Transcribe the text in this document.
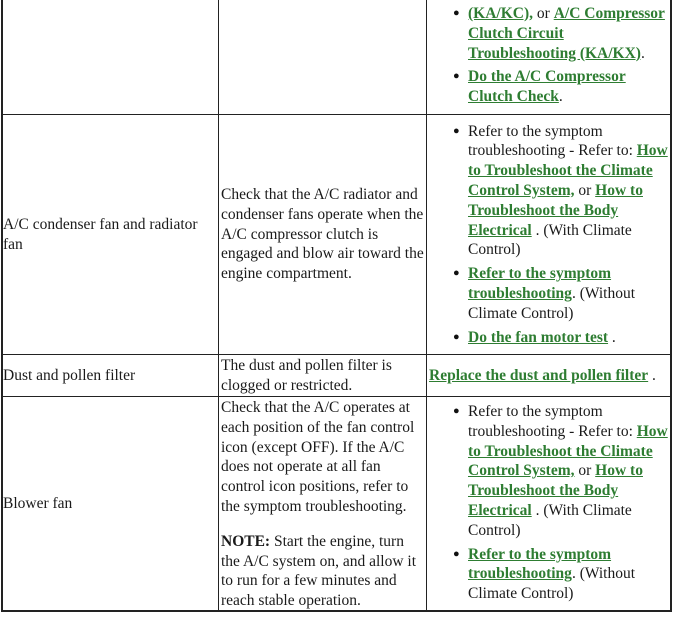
● (KA/KC), or A/C Compressor Clutch Circuit Troubleshooting (KA/KX).
● Do the A/C Compressor Clutch Check.
A/C condenser fan and radiator fan
Check that the A/C radiator and condenser fans operate when the A/C compressor clutch is engaged and blow air toward the engine compartment.
● Refer to the symptom troubleshooting - Refer to: How to Troubleshoot the Climate Control System, or How to Troubleshoot the Body Electrical . (With Climate Control)
● Refer to the symptom troubleshooting. (Without Climate Control)
● Do the fan motor test .
Dust and pollen filter
The dust and pollen filter is clogged or restricted.
Replace the dust and pollen filter .
Blower fan

Check that the A/C operates at each position of the fan control icon (except OFF). If the A/C does not operate at all fan control icon positions, refer to the symptom troubleshooting.

NOTE: Start the engine, turn the A/C system on, and allow it to run for a few minutes and reach stable operation.

● Refer to the symptom troubleshooting - Refer to: How to Troubleshoot the Climate Control System, or How to Troubleshoot the Body Electrical . (With Climate Control)
● Refer to the symptom troubleshooting. (Without Climate Control)
